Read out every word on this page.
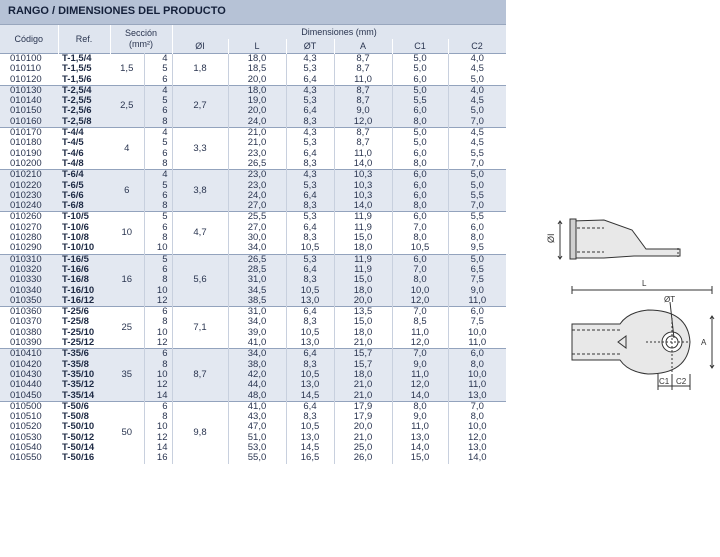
RANGO / DIMENSIONES DEL PRODUCTO
Código	Ref.	Sección
(mm²)		Dimensiones (mm)					
				ØI	L	ØT	A	C1	C2
010100	T-1,5/4	1,5	4	1,8	18,0	4,3	8,7	5,0	4,0
010110	T-1,5/5		5		18,5	5,3	8,7	5,0	4,5
010120	T-1,5/6		6		20,0	6,4	11,0	6,0	5,0
010130	T-2,5/4	2,5	4	2,7	18,0	4,3	8,7	5,0	4,0
010140	T-2,5/5		5		19,0	5,3	8,7	5,5	4,5
010150	T-2,5/6		6		20,0	6,4	9,0	6,0	5,0
010160	T-2,5/8		8		24,0	8,3	12,0	8,0	7,0
010170	T-4/4	4	4	3,3	21,0	4,3	8,7	5,0	4,5
010180	T-4/5		5		21,0	5,3	8,7	5,0	4,5
010190	T-4/6		6		23,0	6,4	11,0	6,0	5,5
010200	T-4/8		8		26,5	8,3	14,0	8,0	7,0
010210	T-6/4	6	4	3,8	23,0	4,3	10,3	6,0	5,0
010220	T-6/5		5		23,0	5,3	10,3	6,0	5,0
010230	T-6/6		6		24,0	6,4	10,3	6,0	5,5
010240	T-6/8		8		27,0	8,3	14,0	8,0	7,0
010260	T-10/5	10	5	4,7	25,5	5,3	11,9	6,0	5,5
010270	T-10/6		6		27,0	6,4	11,9	7,0	6,0
010280	T-10/8		8		30,0	8,3	15,0	8,0	8,0
010290	T-10/10		10		34,0	10,5	18,0	10,5	9,5
010310	T-16/5	16	5	5,6	26,5	5,3	11,9	6,0	5,0
010320	T-16/6		6		28,5	6,4	11,9	7,0	6,5
010330	T-16/8		8		31,0	8,3	15,0	8,0	7,5
010340	T-16/10		10		34,5	10,5	18,0	10,0	9,0
010350	T-16/12		12		38,5	13,0	20,0	12,0	11,0
010360	T-25/6	25	6	7,1	31,0	6,4	13,5	7,0	6,0
010370	T-25/8		8		34,0	8,3	15,0	8,5	7,5
010380	T-25/10		10		39,0	10,5	18,0	11,0	10,0
010390	T-25/12		12		41,0	13,0	21,0	12,0	11,0
010410	T-35/6	35	6	8,7	34,0	6,4	15,7	7,0	6,0
010420	T-35/8		8		38,0	8,3	15,7	9,0	8,0
010430	T-35/10		10		42,0	10,5	18,0	11,0	10,0
010440	T-35/12		12		44,0	13,0	21,0	12,0	11,0
010450	T-35/14		14		48,0	14,5	21,0	14,0	13,0
010500	T-50/6	50	6	9,8	41,0	6,4	17,9	8,0	7,0
010510	T-50/8		8		43,0	8,3	17,9	9,0	8,0
010520	T-50/10		10		47,0	10,5	20,0	11,0	10,0
010530	T-50/12		12		51,0	13,0	21,0	13,0	12,0
010540	T-50/14		14		53,0	14,5	25,0	14,0	13,0
010550	T-50/16		16		55,0	16,5	26,0	15,0	14,0
ØI
L
ØT
A
C1 C2
